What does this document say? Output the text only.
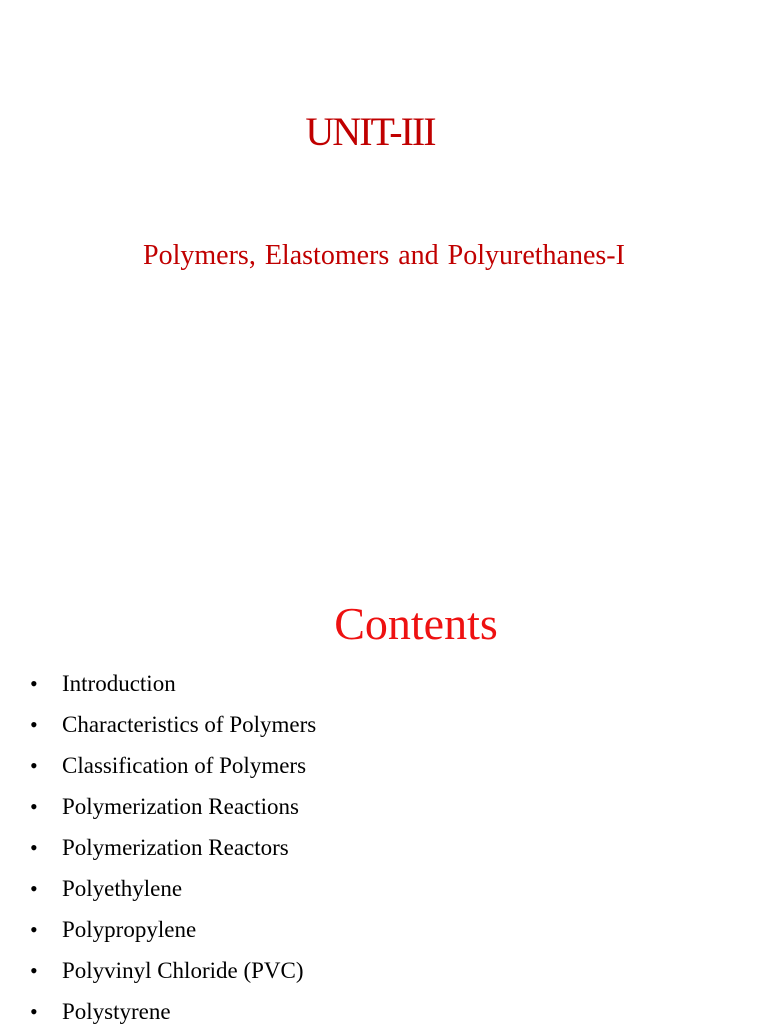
UNIT-III
Polymers, Elastomers and Polyurethanes-I
Contents
• Introduction
• Characteristics of Polymers
• Classification of Polymers
• Polymerization Reactions
• Polymerization Reactors
• Polyethylene
• Polypropylene
• Polyvinyl Chloride (PVC)
• Polystyrene
